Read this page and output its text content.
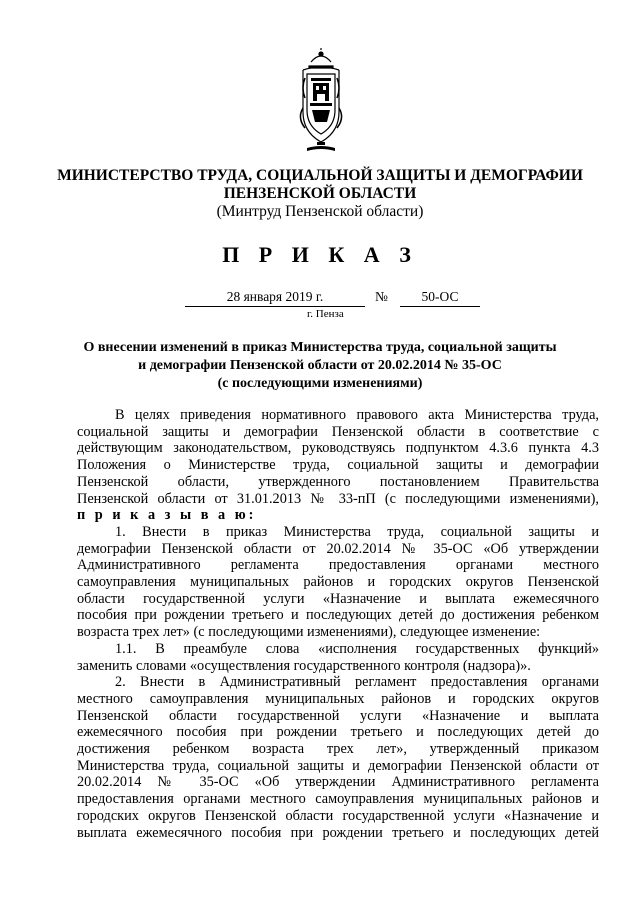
МИНИСТЕРСТВО ТРУДА, СОЦИАЛЬНОЙ ЗАЩИТЫ И ДЕМОГРАФИИ
ПЕНЗЕНСКОЙ ОБЛАСТИ
(Минтруд Пензенской области)
П Р И К А З
28 января 2019 г.	№	50-ОС
г. Пенза
О внесении изменений в приказ Министерства труда, социальной защиты
и демографии Пензенской области от 20.02.2014 № 35-ОС
(с последующими изменениями)

В целях приведения нормативного правового акта Министерства труда,

социальной защиты и демографии Пензенской области в соответствие с

действующим законодательством, руководствуясь подпунктом 4.3.6 пункта 4.3

Положения о Министерстве труда, социальной защиты и демографии

Пензенской области, утвержденного постановлением Правительства

Пензенской области от 31.01.2013 № 33-пП (с последующими изменениями),

п р и к а з ы в а ю:

1. Внести в приказ Министерства труда, социальной защиты и

демографии Пензенской области от 20.02.2014 № 35-ОС «Об утверждении

Административного регламента предоставления органами местного

самоуправления муниципальных районов и городских округов Пензенской

области государственной услуги «Назначение и выплата ежемесячного

пособия при рождении третьего и последующих детей до достижения ребенком

возраста трех лет» (с последующими изменениями), следующее изменение:

1.1. В преамбуле слова «исполнения государственных функций»

заменить словами «осуществления государственного контроля (надзора)».

2. Внести в Административный регламент предоставления органами

местного самоуправления муниципальных районов и городских округов

Пензенской области государственной услуги «Назначение и выплата

ежемесячного пособия при рождении третьего и последующих детей до

достижения ребенком возраста трех лет», утвержденный приказом

Министерства труда, социальной защиты и демографии Пензенской области от

20.02.2014 № 35-ОС «Об утверждении Административного регламента

предоставления органами местного самоуправления муниципальных районов и

городских округов Пензенской области государственной услуги «Назначение и

выплата ежемесячного пособия при рождении третьего и последующих детей
